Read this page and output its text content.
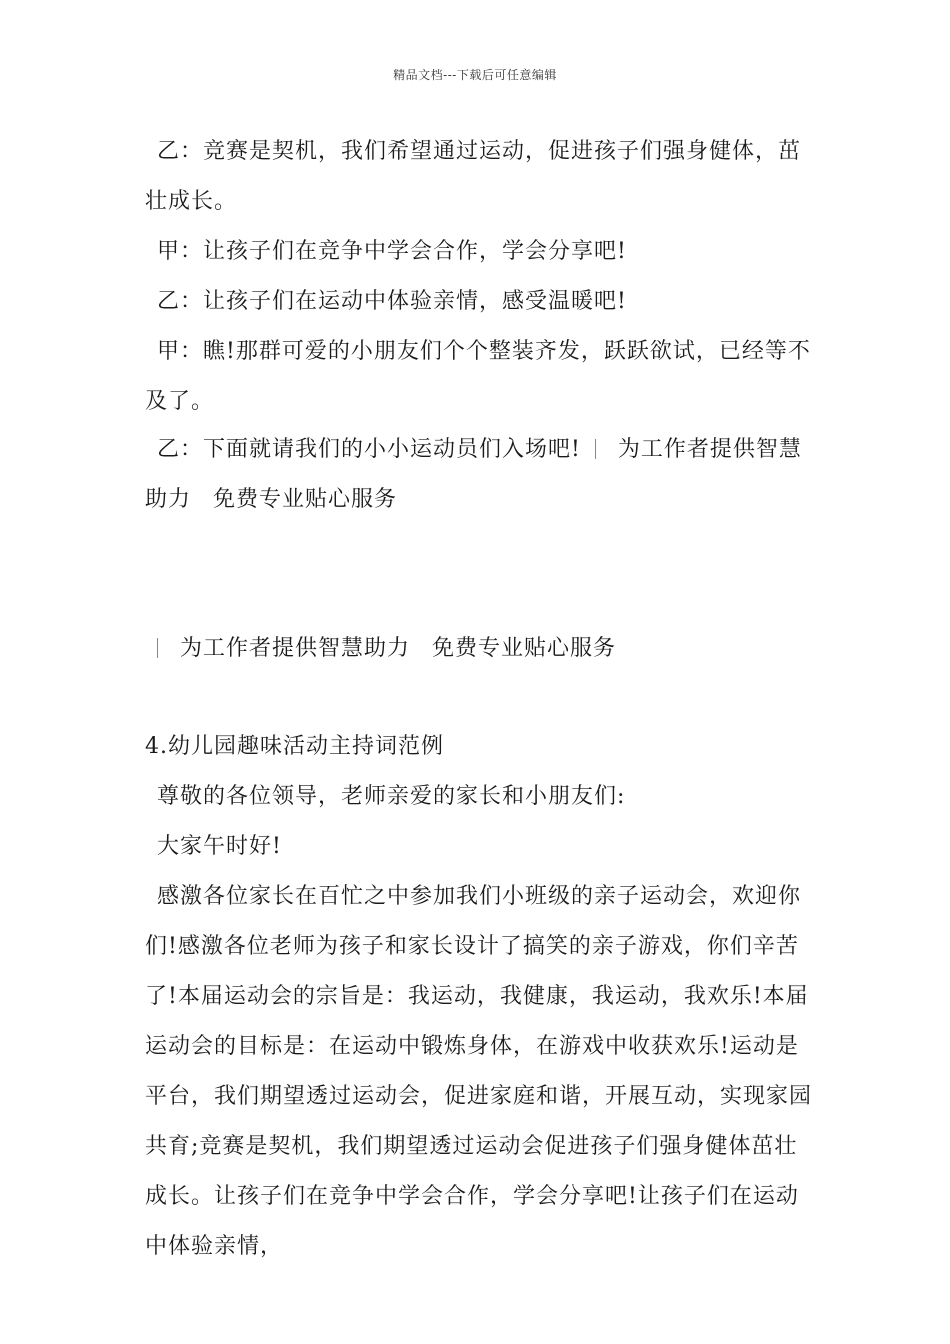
精品文档---下载后可任意编辑

乙：竞赛是契机，我们希望通过运动，促进孩子们强身健体，茁壮成长。

甲：让孩子们在竞争中学会合作，学会分享吧!

乙：让孩子们在运动中体验亲情，感受温暖吧!

甲：瞧!那群可爱的小朋友们个个整装齐发，跃跃欲试，已经等不及了。

乙：下面就请我们的小小运动员们入场吧! 为工作者提供智慧助力 免费专业贴心服务

为工作者提供智慧助力 免费专业贴心服务

4.幼儿园趣味活动主持词范例

尊敬的各位领导，老师亲爱的家长和小朋友们:

大家午时好!

感激各位家长在百忙之中参加我们小班级的亲子运动会，欢迎你们!感激各位老师为孩子和家长设计了搞笑的亲子游戏，你们辛苦了!本届运动会的宗旨是：我运动，我健康，我运动，我欢乐!本届运动会的目标是：在运动中锻炼身体，在游戏中收获欢乐!运动是平台，我们期望透过运动会，促进家庭和谐，开展互动，实现家园共育;竞赛是契机，我们期望透过运动会促进孩子们强身健体茁壮成长。让孩子们在竞争中学会合作，学会分享吧!让孩子们在运动中体验亲情，
